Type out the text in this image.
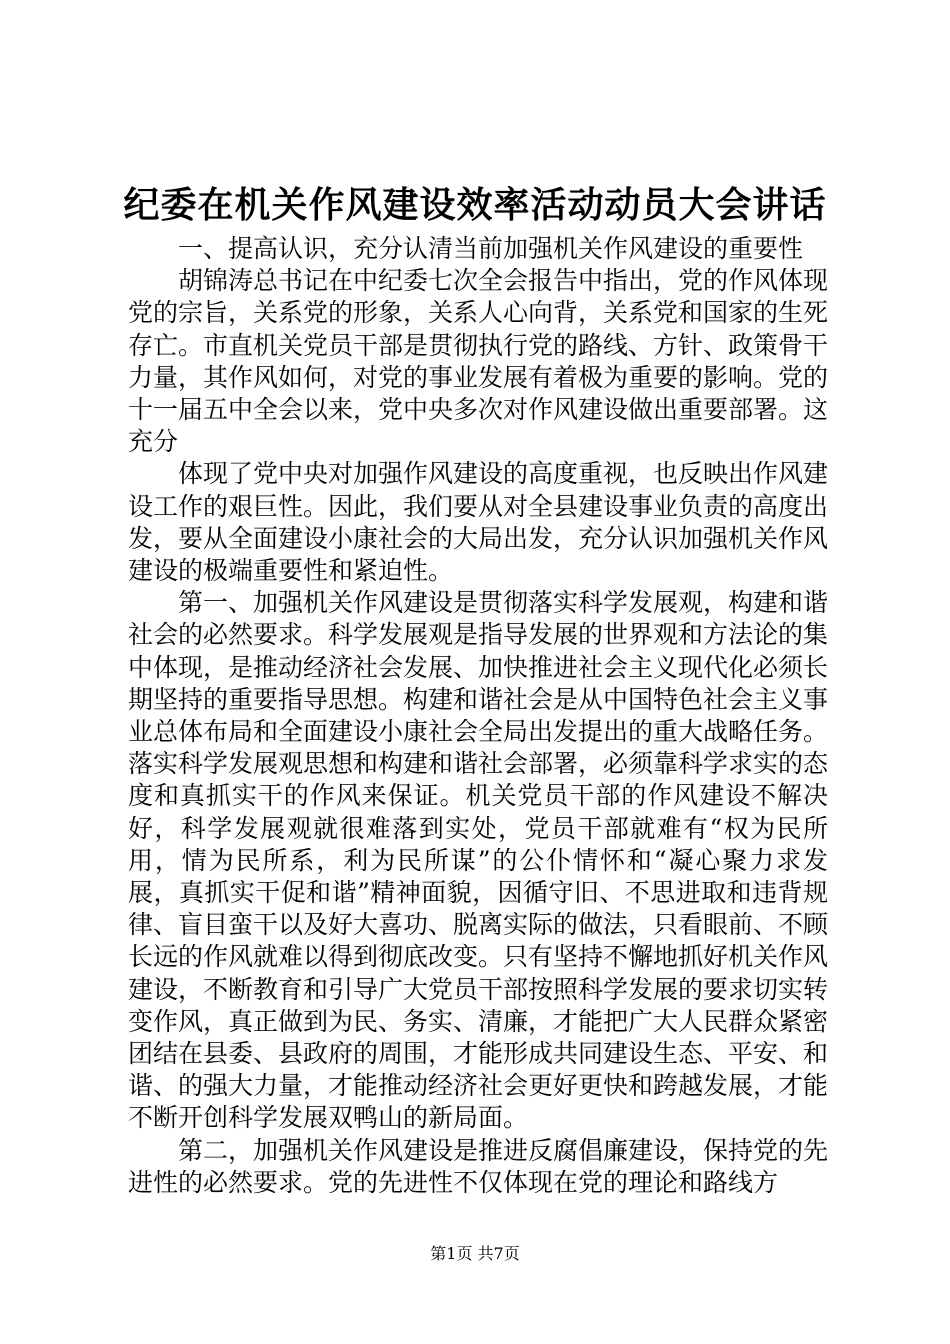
纪委在机关作风建设效率活动动员大会讲话

一、提高认识，充分认清当前加强机关作风建设的重要性

胡锦涛总书记在中纪委七次全会报告中指出，党的作风体现党的宗旨，关系党的形象，关系人心向背，关系党和国家的生死存亡。市直机关党员干部是贯彻执行党的路线、方针、政策骨干力量，其作风如何，对党的事业发展有着极为重要的影响。党的十一届五中全会以来，党中央多次对作风建设做出重要部署。这充分

体现了党中央对加强作风建设的高度重视，也反映出作风建设工作的艰巨性。因此，我们要从对全县建设事业负责的高度出发，要从全面建设小康社会的大局出发，充分认识加强机关作风建设的极端重要性和紧迫性。

第一、加强机关作风建设是贯彻落实科学发展观，构建和谐社会的必然要求。科学发展观是指导发展的世界观和方法论的集中体现，是推动经济社会发展、加快推进社会主义现代化必须长期坚持的重要指导思想。构建和谐社会是从中国特色社会主义事业总体布局和全面建设小康社会全局出发提出的重大战略任务。落实科学发展观思想和构建和谐社会部署，必须靠科学求实的态度和真抓实干的作风来保证。机关党员干部的作风建设不解决好，科学发展观就很难落到实处，党员干部就难有“权为民所用，情为民所系，利为民所谋”的公仆情怀和“凝心聚力求发展，真抓实干促和谐”精神面貌，因循守旧、不思进取和违背规律、盲目蛮干以及好大喜功、脱离实际的做法，只看眼前、不顾长远的作风就难以得到彻底改变。只有坚持不懈地抓好机关作风建设，不断教育和引导广大党员干部按照科学发展的要求切实转变作风，真正做到为民、务实、清廉，才能把广大人民群众紧密团结在县委、县政府的周围，才能形成共同建设生态、平安、和谐、的强大力量，才能推动经济社会更好更快和跨越发展，才能不断开创科学发展双鸭山的新局面。

第二，加强机关作风建设是推进反腐倡廉建设，保持党的先进性的必然要求。党的先进性不仅体现在党的理论和路线方

第1页 共7页
